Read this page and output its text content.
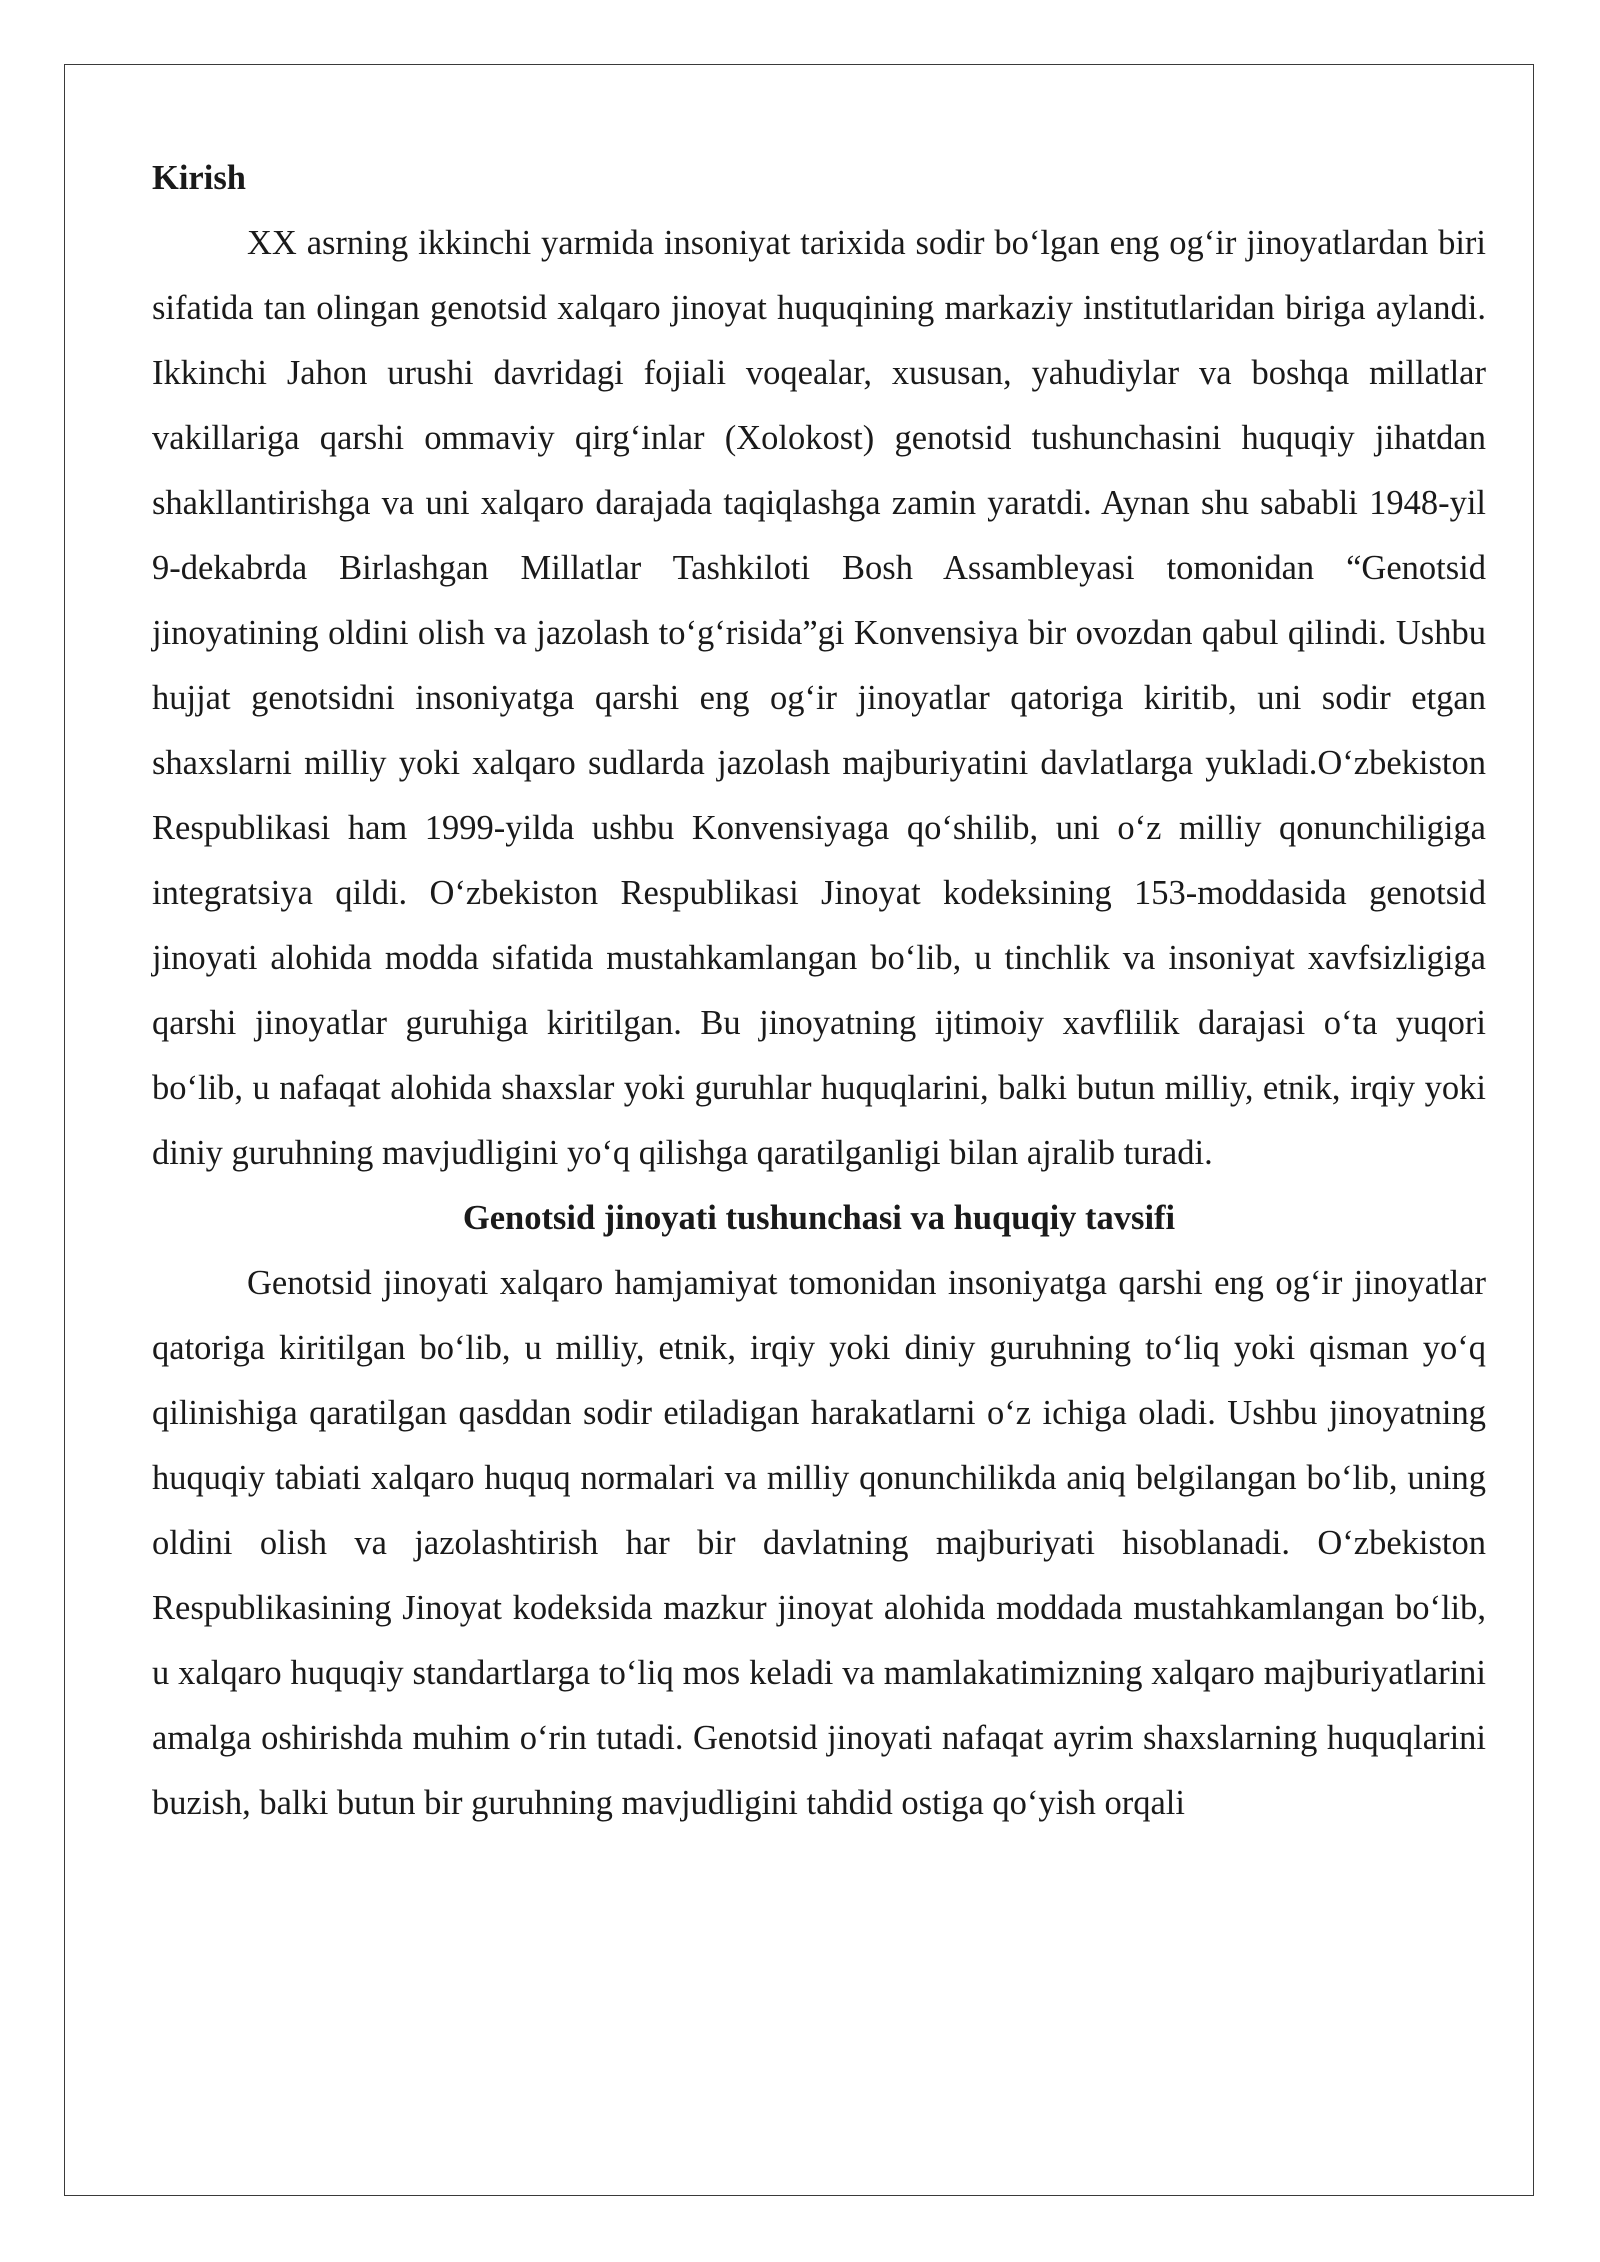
Kirish

XX asrning ikkinchi yarmida insoniyat tarixida sodir bo‘lgan eng og‘ir jinoyatlardan biri sifatida tan olingan genotsid xalqaro jinoyat huquqining markaziy institutlaridan biriga aylandi. Ikkinchi Jahon urushi davridagi fojiali voqealar, xususan, yahudiylar va boshqa millatlar vakillariga qarshi ommaviy qirg‘inlar (Xolokost) genotsid tushunchasini huquqiy jihatdan shakllantirishga va uni xalqaro darajada taqiqlashga zamin yaratdi. Aynan shu sababli 1948-yil 9-dekabrda Birlashgan Millatlar Tashkiloti Bosh Assambleyasi tomonidan “Genotsid jinoyatining oldini olish va jazolash to‘g‘risida”gi Konvensiya bir ovozdan qabul qilindi. Ushbu hujjat genotsidni insoniyatga qarshi eng og‘ir jinoyatlar qatoriga kiritib, uni sodir etgan shaxslarni milliy yoki xalqaro sudlarda jazolash majburiyatini davlatlarga yukladi.O‘zbekiston Respublikasi ham 1999-yilda ushbu Konvensiyaga qo‘shilib, uni o‘z milliy qonunchiligiga integratsiya qildi. O‘zbekiston Respublikasi Jinoyat kodeksining 153-moddasida genotsid jinoyati alohida modda sifatida mustahkamlangan bo‘lib, u tinchlik va insoniyat xavfsizligiga qarshi jinoyatlar guruhiga kiritilgan. Bu jinoyatning ijtimoiy xavflilik darajasi o‘ta yuqori bo‘lib, u nafaqat alohida shaxslar yoki guruhlar huquqlarini, balki butun milliy, etnik, irqiy yoki diniy guruhning mavjudligini yo‘q qilishga qaratilganligi bilan ajralib turadi.

Genotsid jinoyati tushunchasi va huquqiy tavsifi

Genotsid jinoyati xalqaro hamjamiyat tomonidan insoniyatga qarshi eng og‘ir jinoyatlar qatoriga kiritilgan bo‘lib, u milliy, etnik, irqiy yoki diniy guruhning to‘liq yoki qisman yo‘q qilinishiga qaratilgan qasddan sodir etiladigan harakatlarni o‘z ichiga oladi. Ushbu jinoyatning huquqiy tabiati xalqaro huquq normalari va milliy qonunchilikda aniq belgilangan bo‘lib, uning oldini olish va jazolashtirish har bir davlatning majburiyati hisoblanadi. O‘zbekiston Respublikasining Jinoyat kodeksida mazkur jinoyat alohida moddada mustahkamlangan bo‘lib, u xalqaro huquqiy standartlarga to‘liq mos keladi va mamlakatimizning xalqaro majburiyatlarini amalga oshirishda muhim o‘rin tutadi. Genotsid jinoyati nafaqat ayrim shaxslarning huquqlarini buzish, balki butun bir guruhning mavjudligini tahdid ostiga qo‘yish orqali
